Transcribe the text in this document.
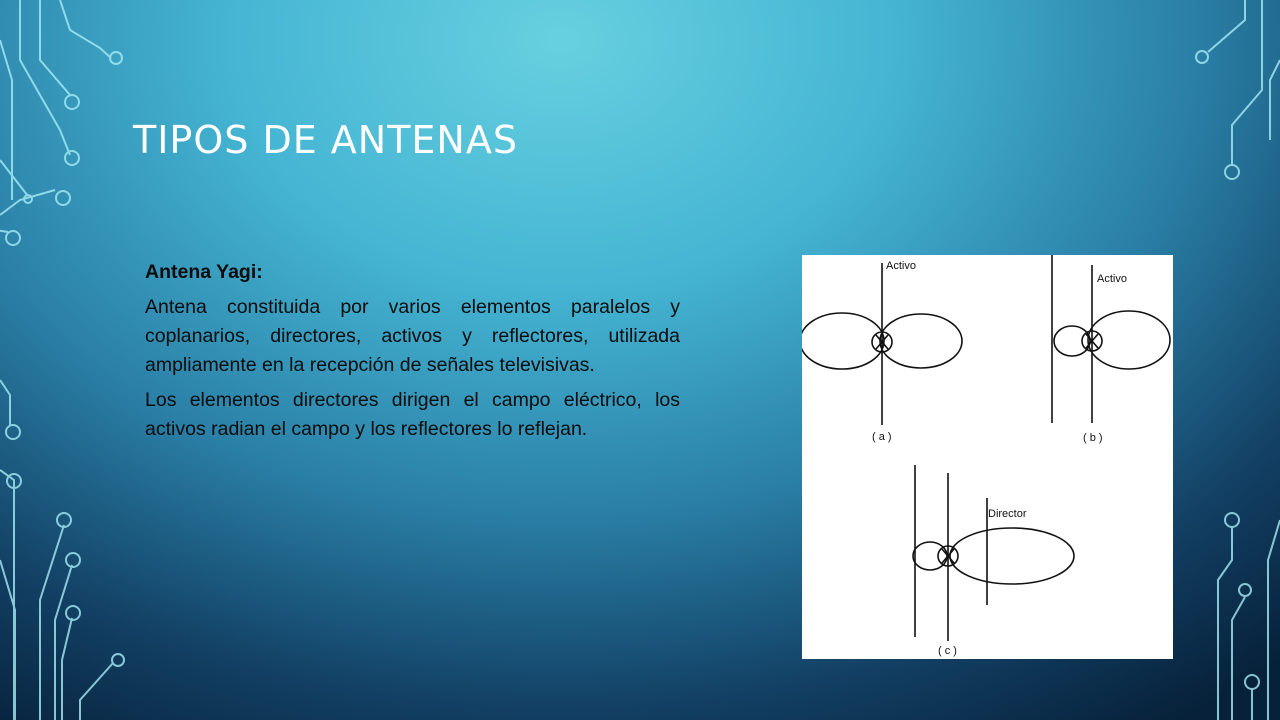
TIPOS DE ANTENAS

Antena Yagi:

Antena constituida por varios elementos paralelos y coplanarios, directores, activos y reflectores, utilizada ampliamente en la recepción de señales televisivas.

Los elementos directores dirigen el campo eléctrico, los activos radian el campo y los reflectores lo reflejan.

Activo
Activo
Director
( a )	( b )
( c )
